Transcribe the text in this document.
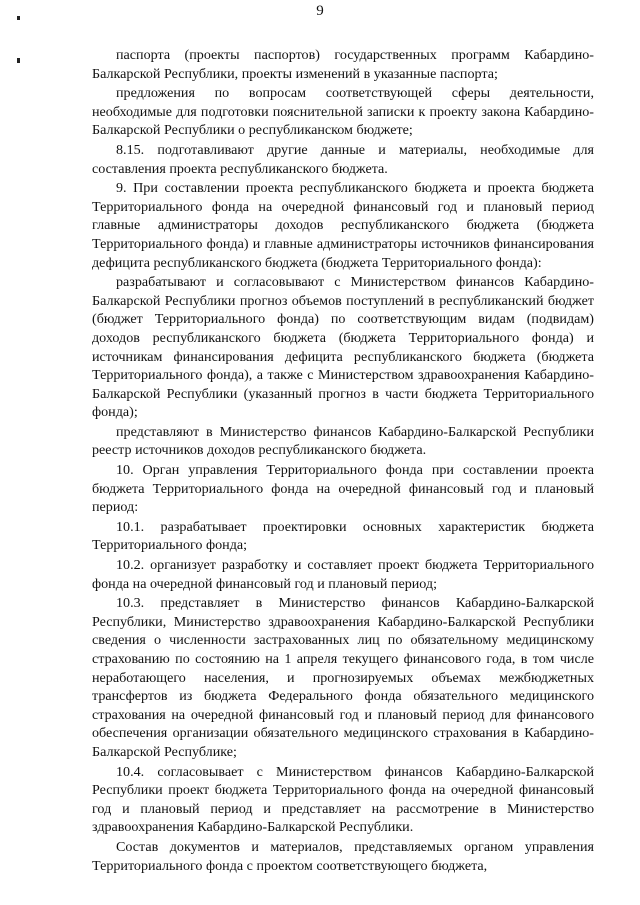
9

паспорта (проекты паспортов) государственных программ Кабардино-Балкарской Республики, проекты изменений в указанные паспорта;

предложения по вопросам соответствующей сферы деятельности, необходимые для подготовки пояснительной записки к проекту закона Кабардино-Балкарской Республики о республиканском бюджете;

8.15. подготавливают другие данные и материалы, необходимые для составления проекта республиканского бюджета.

9. При составлении проекта республиканского бюджета и проекта бюджета Территориального фонда на очередной финансовый год и плановый период главные администраторы доходов республиканского бюджета (бюджета Территориального фонда) и главные администраторы источников финансирования дефицита республиканского бюджета (бюджета Территориального фонда):

разрабатывают и согласовывают с Министерством финансов Кабардино-Балкарской Республики прогноз объемов поступлений в республиканский бюджет (бюджет Территориального фонда) по соответствующим видам (подвидам) доходов республиканского бюджета (бюджета Территориального фонда) и источникам финансирования дефицита республиканского бюджета (бюджета Территориального фонда), а также с Министерством здравоохранения Кабардино-Балкарской Республики (указанный прогноз в части бюджета Территориального фонда);

представляют в Министерство финансов Кабардино-Балкарской Республики реестр источников доходов республиканского бюджета.

10. Орган управления Территориального фонда при составлении проекта бюджета Территориального фонда на очередной финансовый год и плановый период:

10.1. разрабатывает проектировки основных характеристик бюджета Территориального фонда;

10.2. организует разработку и составляет проект бюджета Территориального фонда на очередной финансовый год и плановый период;

10.3. представляет в Министерство финансов Кабардино-Балкарской Республики, Министерство здравоохранения Кабардино-Балкарской Республики сведения о численности застрахованных лиц по обязательному медицинскому страхованию по состоянию на 1 апреля текущего финансового года, в том числе неработающего населения, и прогнозируемых объемах межбюджетных трансфертов из бюджета Федерального фонда обязательного медицинского страхования на очередной финансовый год и плановый период для финансового обеспечения организации обязательного медицинского страхования в Кабардино-Балкарской Республике;

10.4. согласовывает с Министерством финансов Кабардино-Балкарской Республики проект бюджета Территориального фонда на очередной финансовый год и плановый период и представляет на рассмотрение в Министерство здравоохранения Кабардино-Балкарской Республики.

Состав документов и материалов, представляемых органом управления Территориального фонда с проектом соответствующего бюджета,
